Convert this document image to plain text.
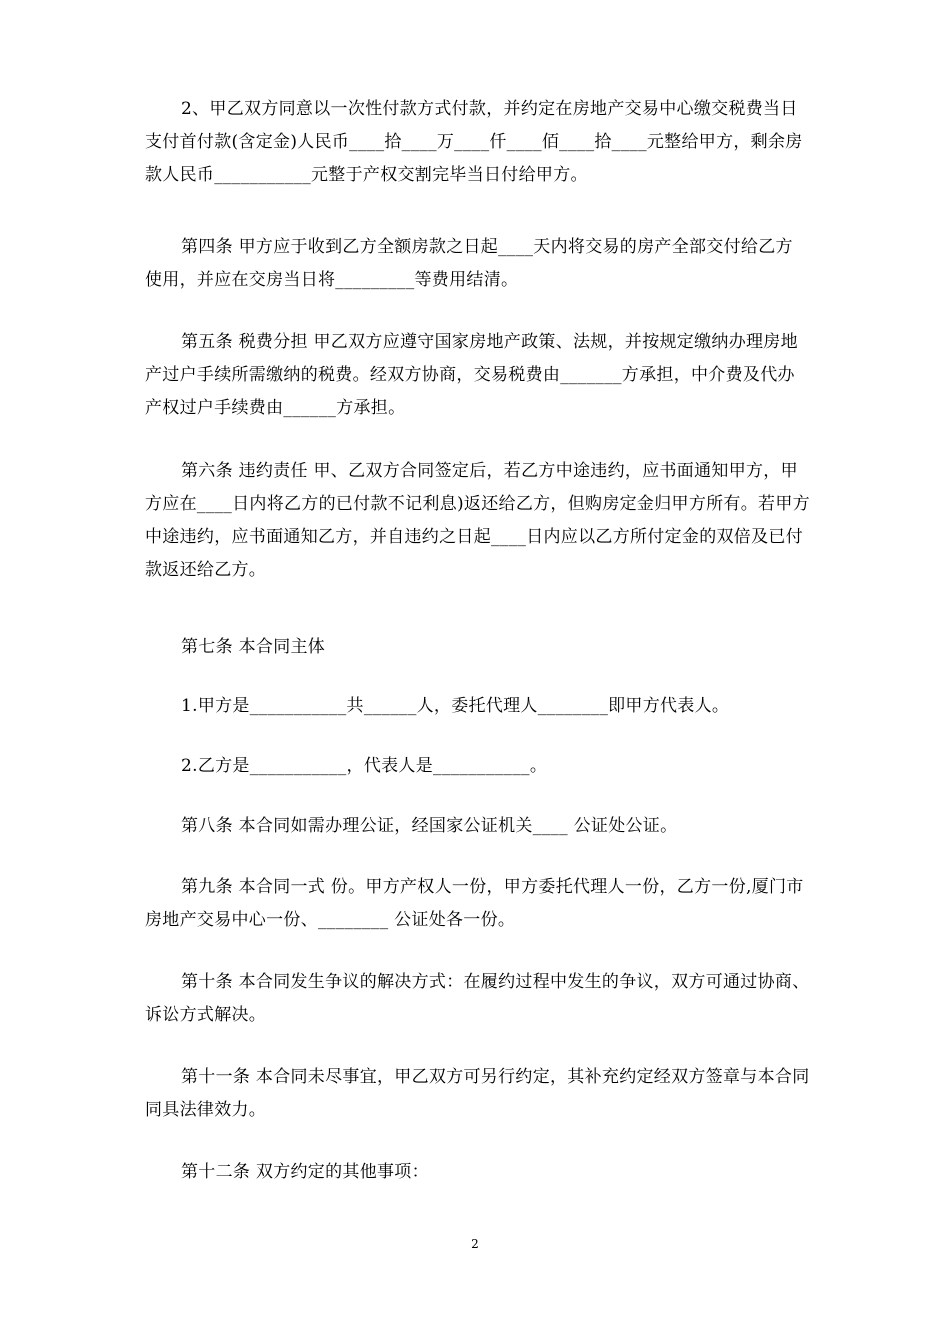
2、甲乙双方同意以一次性付款方式付款，并约定在房地产交易中心缴交税费当日支付首付款(含定金)人民币____拾____万____仟____佰____拾____元整给甲方，剩余房款人民币___________元整于产权交割完毕当日付给甲方。

第四条 甲方应于收到乙方全额房款之日起____天内将交易的房产全部交付给乙方使用，并应在交房当日将_________等费用结清。

第五条 税费分担 甲乙双方应遵守国家房地产政策、法规，并按规定缴纳办理房地产过户手续所需缴纳的税费。经双方协商，交易税费由_______方承担，中介费及代办产权过户手续费由______方承担。

第六条 违约责任 甲、乙双方合同签定后，若乙方中途违约，应书面通知甲方，甲方应在____日内将乙方的已付款不记利息)返还给乙方，但购房定金归甲方所有。若甲方中途违约，应书面通知乙方，并自违约之日起____日内应以乙方所付定金的双倍及已付款返还给乙方。

第七条 本合同主体

1.甲方是___________共______人，委托代理人________即甲方代表人。

2.乙方是___________，代表人是___________。

第八条 本合同如需办理公证，经国家公证机关____ 公证处公证。

第九条 本合同一式 份。甲方产权人一份，甲方委托代理人一份，乙方一份,厦门市房地产交易中心一份、________ 公证处各一份。

第十条 本合同发生争议的解决方式：在履约过程中发生的争议，双方可通过协商、诉讼方式解决。

第十一条 本合同未尽事宜，甲乙双方可另行约定，其补充约定经双方签章与本合同同具法律效力。

第十二条 双方约定的其他事项：

2
